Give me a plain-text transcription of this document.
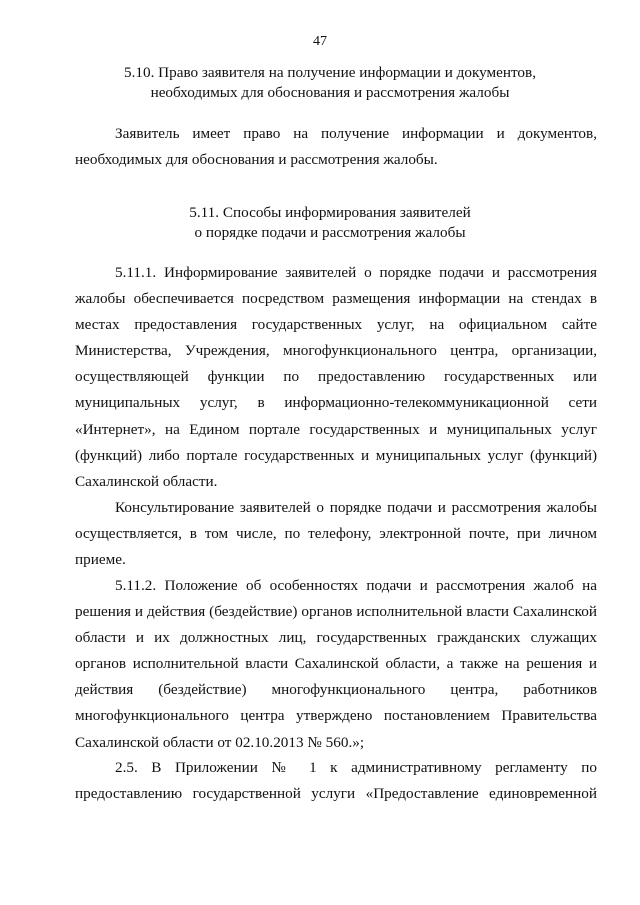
47
5.10. Право заявителя на получение информации и документов,
необходимых для обоснования и рассмотрения жалобы
Заявитель имеет право на получение информации и документов,
необходимых для обоснования и рассмотрения жалобы.
5.11. Способы информирования заявителей
о порядке подачи и рассмотрения жалобы
5.11.1. Информирование заявителей о порядке подачи и рассмотрения
жалобы обеспечивается посредством размещения информации на стендах в
местах предоставления государственных услуг, на официальном сайте
Министерства, Учреждения, многофункционального центра, организации,
осуществляющей функции по предоставлению государственных или
муниципальных услуг, в информационно-телекоммуникационной сети
«Интернет», на Едином портале государственных и муниципальных услуг
(функций) либо портале государственных и муниципальных услуг (функций)
Сахалинской области.
Консультирование заявителей о порядке подачи и рассмотрения жалобы
осуществляется, в том числе, по телефону, электронной почте, при личном
приеме.
5.11.2. Положение об особенностях подачи и рассмотрения жалоб на
решения и действия (бездействие) органов исполнительной власти Сахалинской
области и их должностных лиц, государственных гражданских служащих
органов исполнительной власти Сахалинской области, а также на решения и
действия (бездействие) многофункционального центра, работников
многофункционального центра утверждено постановлением Правительства
Сахалинской области от 02.10.2013 № 560.»;
2.5. В Приложении № 1 к административному регламенту по
предоставлению государственной услуги «Предоставление единовременной
